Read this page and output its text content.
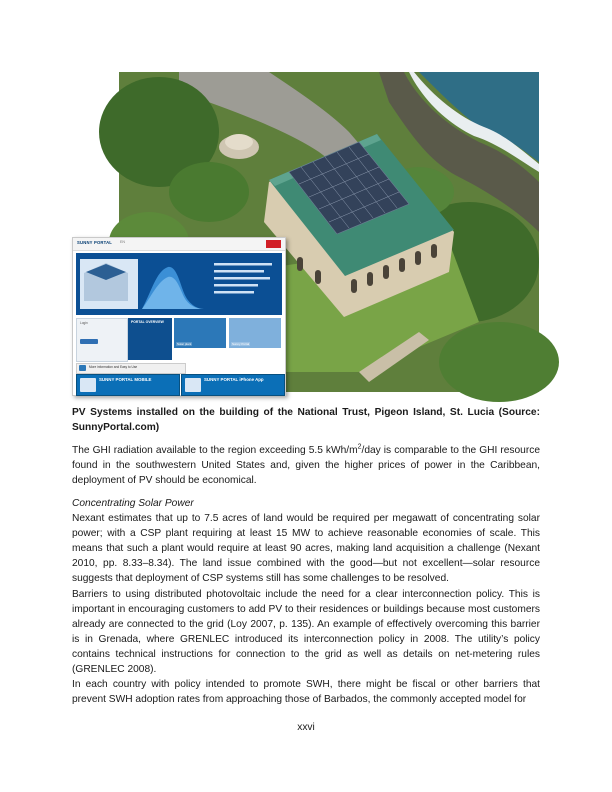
SUNNY PORTAL EN
Login	PORTAL OVERVIEW
Solar plant	Sunny Portal
More information and Easy to Use
SUNNY PORTAL MOBILE	SUNNY PORTAL iPhone App
PV Systems installed on the building of the National Trust, Pigeon Island, St. Lucia (Source: SunnyPortal.com)

The GHI radiation available to the region exceeding 5.5 kWh/$m^2$/day is comparable to the GHI resource found in the southwestern United States and, given the higher prices of power in the Caribbean, deployment of PV should be economical.

Concentrating Solar Power

Nexant estimates that up to 7.5 acres of land would be required per megawatt of concentrating solar power; with a CSP plant requiring at least 15 MW to achieve reasonable economies of scale. This means that such a plant would require at least 90 acres, making land acquisition a challenge (Nexant 2010, pp. 8.33–8.34). The land issue combined with the good—but not excellent—solar resource suggests that deployment of CSP systems still has some challenges to be resolved.

Barriers to using distributed photovoltaic include the need for a clear interconnection policy. This is important in encouraging customers to add PV to their residences or buildings because most customers already are connected to the grid (Loy 2007, p. 135). An example of effectively overcoming this barrier is in Grenada, where GRENLEC introduced its interconnection policy in 2008. The utility’s policy contains technical instructions for connection to the grid as well as details on net-metering rules (GRENLEC 2008).

In each country with policy intended to promote SWH, there might be fiscal or other barriers that prevent SWH adoption rates from approaching those of Barbados, the commonly accepted model for

xxvi
